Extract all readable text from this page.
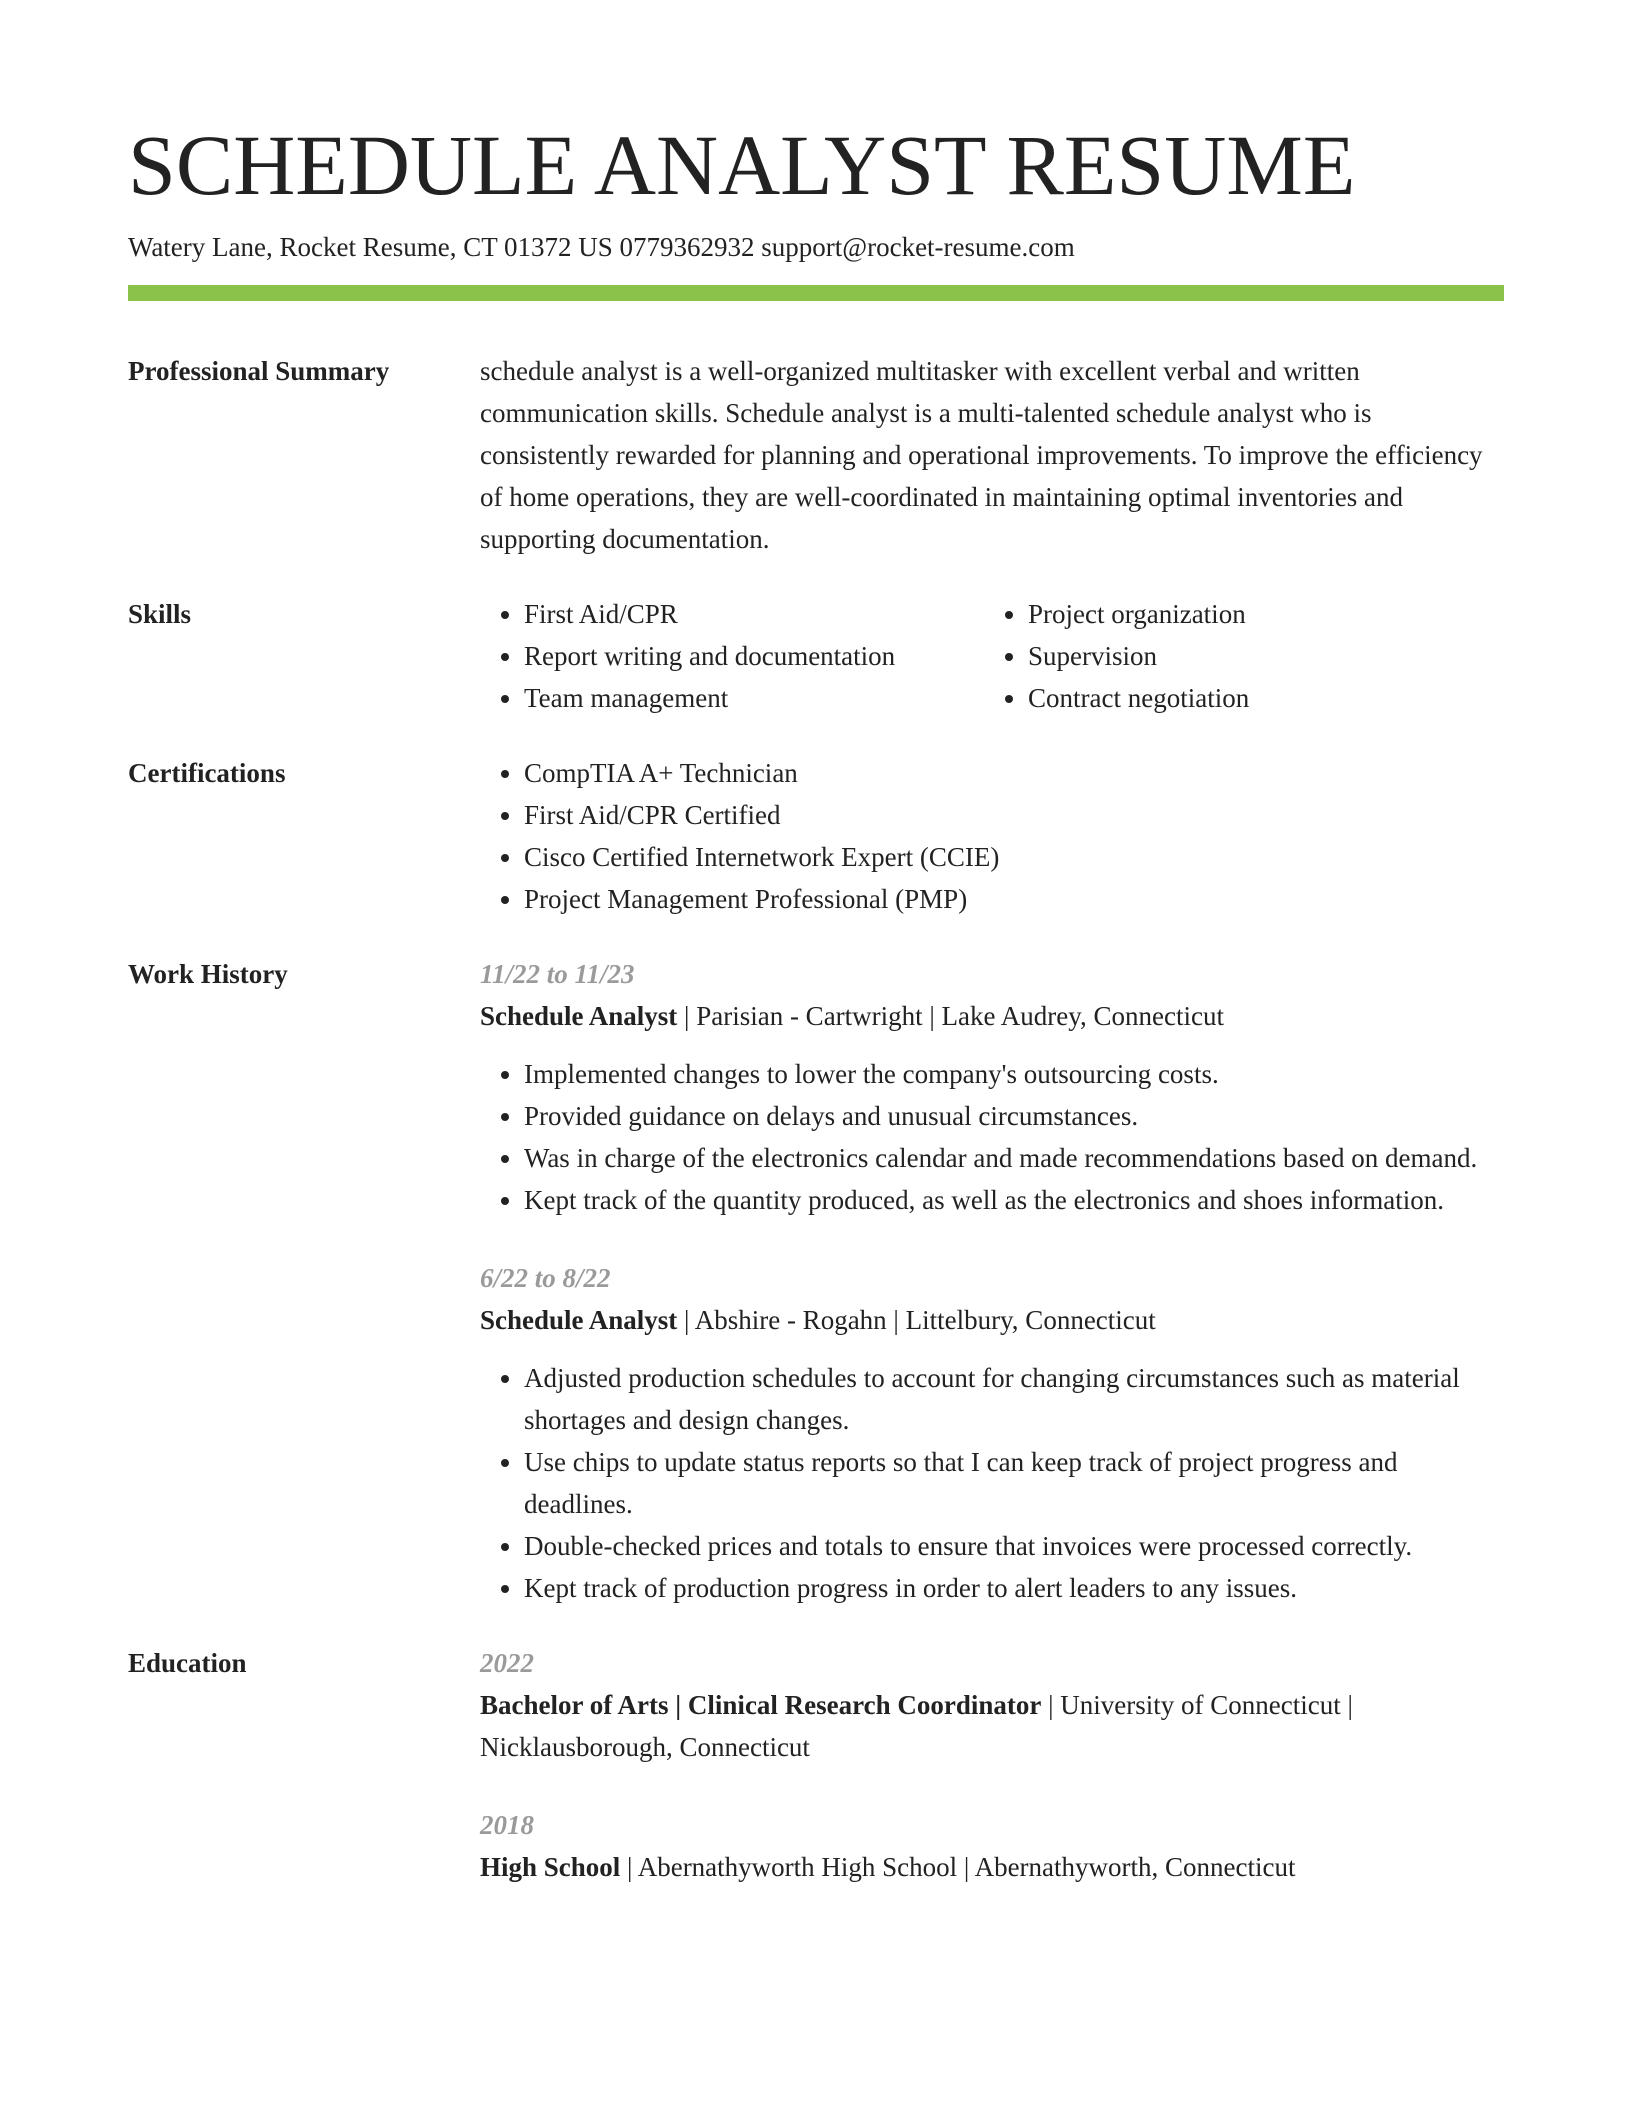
SCHEDULE ANALYST RESUME
Watery Lane, Rocket Resume, CT 01372 US 0779362932 support@rocket-resume.com
Professional Summary	schedule analyst is a well-organized multitasker with excellent verbal and written communication skills. Schedule analyst is a multi-talented schedule analyst who is consistently rewarded for planning and operational improvements. To improve the efficiency of home operations, they are well-coordinated in maintaining optimal inventories and supporting documentation.

Skills	• First Aid/CPR
• Report writing and documentation
• Team management
• Project organization
• Supervision
• Contract negotiation
Certifications	• CompTIA A+ Technician
• First Aid/CPR Certified
• Cisco Certified Internetwork Expert (CCIE)
• Project Management Professional (PMP)
Work History	11/22 to 11/23
Schedule Analyst | Parisian - Cartwright | Lake Audrey, Connecticut
• Implemented changes to lower the company's outsourcing costs.
• Provided guidance on delays and unusual circumstances.
• Was in charge of the electronics calendar and made recommendations based on demand.
• Kept track of the quantity produced, as well as the electronics and shoes information.
6/22 to 8/22
Schedule Analyst | Abshire - Rogahn | Littelbury, Connecticut
• Adjusted production schedules to account for changing circumstances such as material shortages and design changes.
• Use chips to update status reports so that I can keep track of project progress and deadlines.
• Double-checked prices and totals to ensure that invoices were processed correctly.
• Kept track of production progress in order to alert leaders to any issues.
Education	2022
Bachelor of Arts | Clinical Research Coordinator | University of Connecticut | Nicklausborough, Connecticut
2018
High School | Abernathyworth High School | Abernathyworth, Connecticut
